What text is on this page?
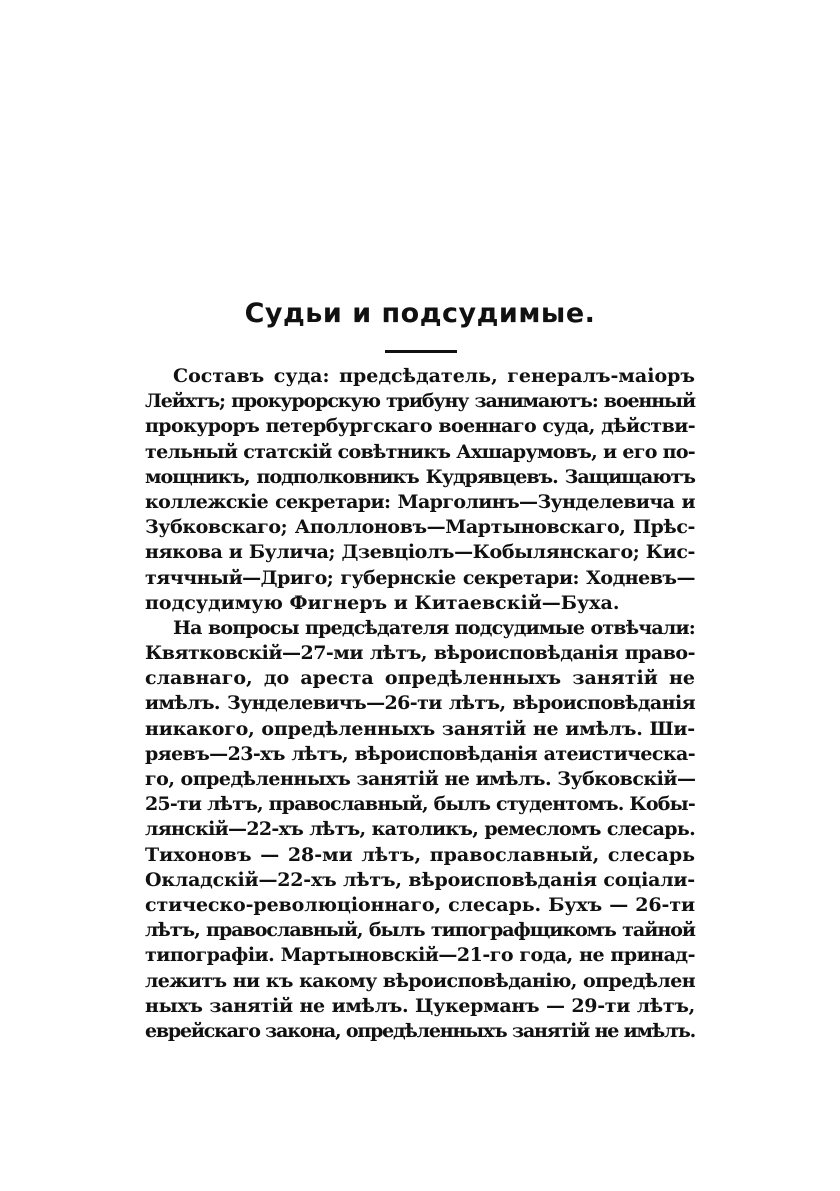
Судьи и подсудимые.
Составъ суда: предсѣдатель, генералъ-маіоръ
Лейхтъ; прокурорскую трибуну занимаютъ: военный
прокуроръ петербургскаго военнаго суда, дѣйстви-
тельный статскій совѣтникъ Ахшарумовъ, и его по-
мощникъ, подполковникъ Кудрявцевъ. Защищаютъ
коллежскіе секретари: Марголинъ—Зунделевича и
Зубковскаго; Аполлоновъ—Мартыновскаго, Прѣс-
някова и Булича; Дзевціолъ—Кобылянскаго; Кис-
тяччный—Дриго; губернскіе секретари: Ходневъ—
подсудимую Фигнеръ и Китаевскій—Буха.
На вопросы предсѣдателя подсудимые отвѣчали:
Квятковскій—27-ми лѣтъ, вѣроисповѣданія право-
славнаго, до ареста опредѣленныхъ занятій не
имѣлъ. Зунделевичъ—26-ти лѣтъ, вѣроисповѣданія
никакого, опредѣленныхъ занятій не имѣлъ. Ши-
ряевъ—23-хъ лѣтъ, вѣроисповѣданія атеистическа-
го, опредѣленныхъ занятій не имѣлъ. Зубковскій—
25-ти лѣтъ, православный, былъ студентомъ. Кобы-
лянскій—22-хъ лѣтъ, католикъ, ремесломъ слесарь.
Тихоновъ — 28-ми лѣтъ, православный, слесарь
Окладскій—22-хъ лѣтъ, вѣроисповѣданія соціали-
стическо-революціоннаго, слесарь. Бухъ — 26-ти
лѣтъ, православный, былъ типографщикомъ тайной
типографіи. Мартыновскій—21-го года, не принад-
лежитъ ни къ какому вѣроисповѣданію, опредѣлен
ныхъ занятій не имѣлъ. Цукерманъ — 29-ти лѣтъ,
еврейскаго закона, опредѣленныхъ занятій не имѣлъ.
